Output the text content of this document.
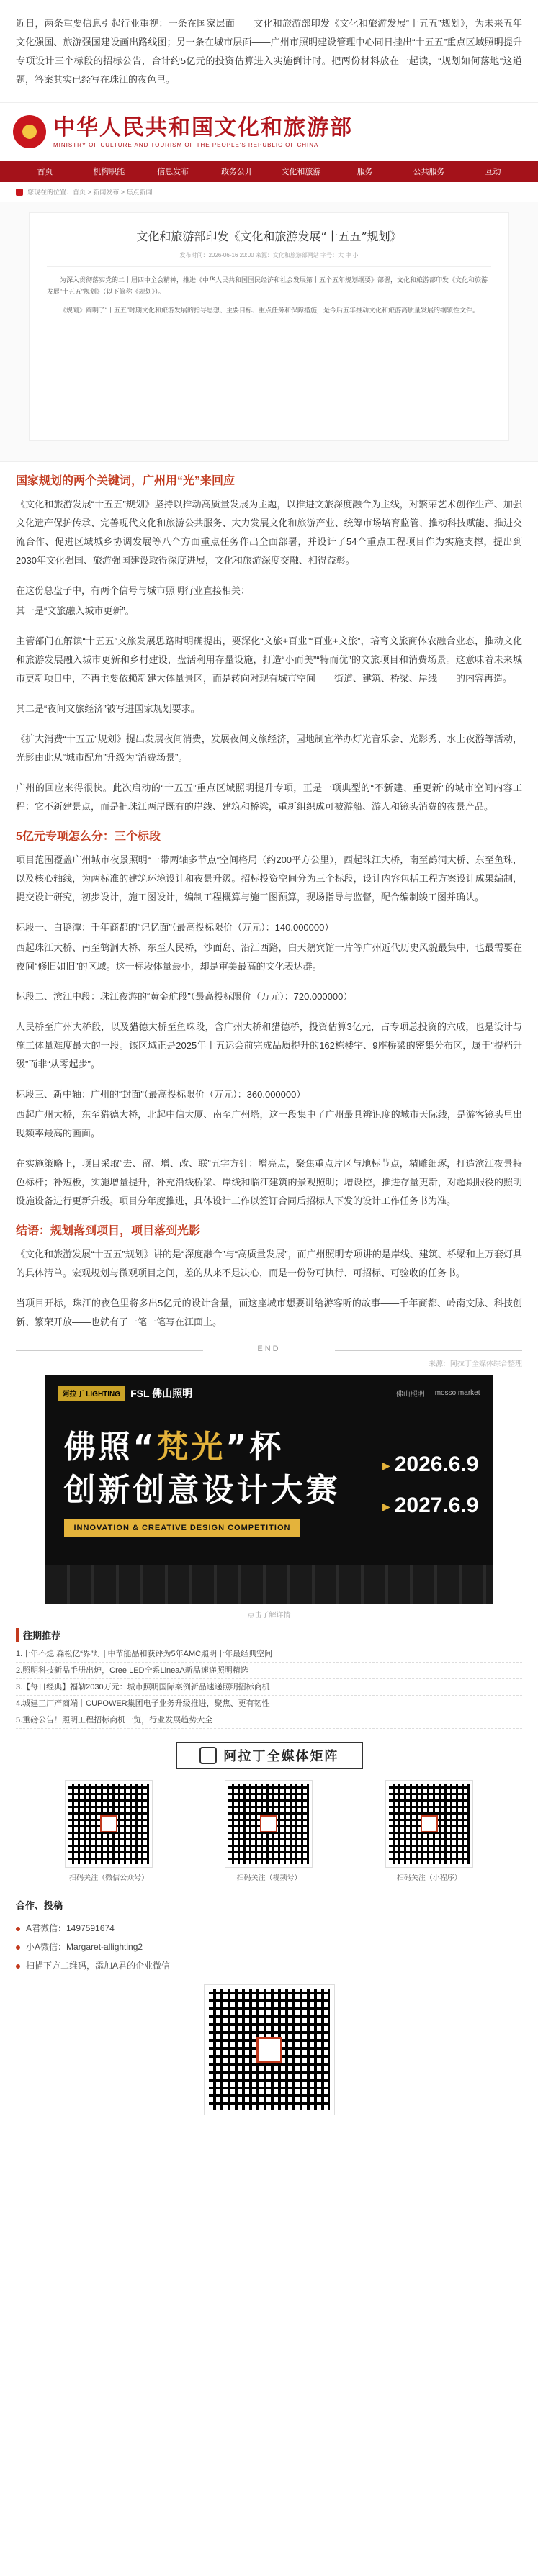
近日，两条重要信息引起行业重视：一条在国家层面——文化和旅游部印发《文化和旅游发展“十五五”规划》，为未来五年文化强国、旅游强国建设画出路线图；另一条在城市层面——广州市照明建设管理中心同日挂出“十五五”重点区域照明提升专项设计三个标段的招标公告，合计约5亿元的投资估算进入实施倒计时。把两份材料放在一起读，“规划如何落地”这道题，答案其实已经写在珠江的夜色里。

★ 中华人民共和国文化和旅游部
MINISTRY OF CULTURE AND TOURISM OF THE PEOPLE'S REPUBLIC OF CHINA
首页	机构职能	信息发布	政务公开	文化和旅游	服务	公共服务	互动
您现在的位置：首页 > 新闻发布 > 焦点新闻
文化和旅游部印发《文化和旅游发展“十五五”规划》
发布时间：2026-06-16 20:00 来源：文化和旅游部网站 字号：大 中 小

为深入贯彻落实党的二十届四中全会精神，推进《中华人民共和国国民经济和社会发展第十五个五年规划纲要》部署，文化和旅游部印发《文化和旅游发展“十五五”规划》（以下简称《规划》）。

《规划》阐明了“十五五”时期文化和旅游发展的指导思想、主要目标、重点任务和保障措施，是今后五年推动文化和旅游高质量发展的纲领性文件。

国家规划的两个关键词，广州用“光”来回应

《文化和旅游发展“十五五”规划》坚持以推动高质量发展为主题，以推进文旅深度融合为主线，对繁荣艺术创作生产、加强文化遗产保护传承、完善现代文化和旅游公共服务、大力发展文化和旅游产业、统筹市场培育监管、推动科技赋能、推进交流合作、促进区域城乡协调发展等八个方面重点任务作出全面部署，并设计了54个重点工程项目作为实施支撑，提出到2030年文化强国、旅游强国建设取得深度进展，文化和旅游深度交融、相得益彰。

在这份总盘子中，有两个信号与城市照明行业直接相关：

其一是“文旅融入城市更新”。

主管部门在解读“十五五”文旅发展思路时明确提出，要深化“文旅+百业”“百业+文旅”，培育文旅商体农融合业态，推动文化和旅游发展融入城市更新和乡村建设，盘活利用存量设施，打造“小而美”“特而优”的文旅项目和消费场景。这意味着未来城市更新项目中，不再主要依赖新建大体量景区，而是转向对现有城市空间——街道、建筑、桥梁、岸线——的内容再造。

其二是“夜间文旅经济”被写进国家规划要求。

《扩大消费“十五五”规划》提出发展夜间消费，发展夜间文旅经济，园地制宜举办灯光音乐会、光影秀、水上夜游等活动，光影由此从“城市配角”升级为“消费场景”。

广州的回应来得很快。此次启动的“十五五”重点区域照明提升专项，正是一项典型的“不新建、重更新”的城市空间内容工程：它不新建景点，而是把珠江两岸既有的岸线、建筑和桥梁，重新组织成可被游船、游人和镜头消费的夜景产品。

5亿元专项怎么分：三个标段

项目范围覆盖广州城市夜景照明“一带两轴多节点”空间格局（约200平方公里），西起珠江大桥，南至鹤洞大桥、东至鱼珠，以及核心轴线，为两标准的建筑环境设计和夜景升级。招标投资空间分为三个标段，设计内容包括工程方案设计成果编制，提交设计研究，初步设计，施工图设计，编制工程概算与施工图预算，现场指导与监督，配合编制竣工图并确认。

标段一、白鹅潭：千年商都的“记忆面”（最高投标限价（万元）：140.000000）

西起珠江大桥、南至鹤洞大桥、东至人民桥，沙面岛、沿江西路，白天鹅宾馆一片等广州近代历史风貌最集中，也最需要在夜间“修旧如旧”的区域。这一标段体量最小，却是审美最高的文化表达群。

标段二、滨江中段：珠江夜游的“黄金航段”（最高投标限价（万元）：720.000000）

人民桥至广州大桥段，以及猎德大桥至鱼珠段，含广州大桥和猎德桥，投资估算3亿元，占专项总投资的六成，也是设计与施工体量难度最大的一段。该区域正是2025年十五运会前完成品质提升的162栋楼宇、9座桥梁的密集分布区，属于“提档升级”而非“从零起步”。

标段三、新中轴：广州的“封面”（最高投标限价（万元）：360.000000）

西起广州大桥，东至猎德大桥，北起中信大厦、南至广州塔，这一段集中了广州最具辨识度的城市天际线，是游客镜头里出现频率最高的画面。

在实施策略上，项目采取“去、留、增、改、联”五字方针：增亮点，聚焦重点片区与地标节点，精雕细琢，打造滨江夜景特色标杆；补短板，实施增量提升，补充沿线桥梁、岸线和临江建筑的景观照明；增设控，推进存量更新，对超期服役的照明设施设备进行更新升级。项目分年度推进，具体设计工作以签订合同后招标人下发的设计工作任务书为准。

结语：规划落到项目，项目落到光影

《文化和旅游发展“十五五”规划》讲的是“深度融合”与“高质量发展”，而广州照明专项讲的是岸线、建筑、桥梁和上万套灯具的具体清单。宏观规划与微观项目之间，差的从来不是决心，而是一份份可执行、可招标、可验收的任务书。

当项目开标，珠江的夜色里将多出5亿元的设计含量，而这座城市想要讲给游客听的故事——千年商都、岭南文脉、科技创新、繁荣开放——也就有了一笔一笔写在江面上。

END
来源：阿拉丁全媒体综合整理
阿拉丁 LIGHTING	FSL 佛山照明	佛山照明 mosso market
佛照“梵光”杯
创新创意设计大赛
▶ 2026.6.9
▶ 2027.6.9
INNOVATION & CREATIVE DESIGN COMPETITION
点击了解详情
往期推荐
1.十年不熄 森松亿“界”灯 | 中节能晶和获评为5年AMC照明十年最经典空间
2.照明科技新品手册出炉，Cree LED全系LineaA新品速递照明精选
3.【每日经典】福勒2030万元：城市照明国际案例新品速递照明招标商机
4.城建工厂产商端｜CUPOWER集团电子业务升级推进，聚焦、更有韧性
5.重磅公告！照明工程招标商机一览，行业发展趋势大全
阿拉丁全媒体矩阵
扫码关注（微信公众号）	扫码关注（视频号）	扫码关注（小程序）
合作、投稿
A君微信：1497591674
小A微信：Margaret-allighting2
扫描下方二维码，添加A君的企业微信
